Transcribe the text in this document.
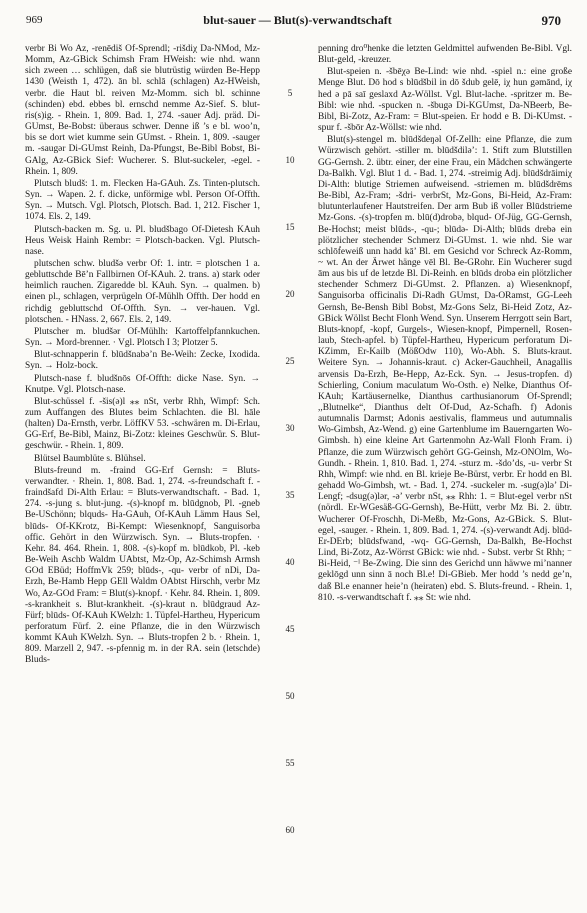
969	blut-sauer — Blut(s)-verwandtschaft	970

verbr Bi Wo Az, -renēdiš Of-Sprendl; -rišdi̇χ Da-NMod, Mz-Momm, Az-GBick Schimsh Fram HWeish: wie nhd. wann sich zween … schlügen, daß sie blutrüstig würden Be-Hepp 1430 (Weisth 1, 472). ān bl. schlā (schlagen) Az-HWeish, verbr. die Haut bl. reiven Mz-Momm. sich bl. schinne (schinden) ebd. ebbes bl. ernschd nemme Az-Sief. S. blut-ris(s)ig. - Rhein. 1, 809. Bad. 1, 274. -sauer Adj. präd. Di-GUmst, Be-Bobst: überaus schwer. Denne iß ’s e bl. woo’n, bis se dort wiet kumme sein GUmst. - Rhein. 1, 809. -sauger m. -saugər Di-GUmst Reinh, Da-Pfungst, Be-Bibl Bobst, Bi-GAlg, Az-GBick Sief: Wucherer. S. Blut-suckeler, -egel. - Rhein. 1, 809.

Plutsch bludš: 1. m. Flecken Ha-GAuh. Zs. Tinten-plutsch. Syn. → Wapen. 2. f. dicke, unförmige wbl. Person Of-Offth. Syn. → Mutsch. Vgl. Plotsch, Plotsch. Bad. 1, 212. Fischer 1, 1074. Els. 2, 149.

Plutsch-backen m. Sg. u. Pl. bludšbago Of-Dietesh KAuh Heus Weisk Hainh Rembr: = Plotsch-backen. Vgl. Plutsch-nase.

plutschen schw. bludšə verbr Of: 1. intr. = plotschen 1 a. gebluttschde Bē’n Fallbirnen Of-KAuh. 2. trans. a) stark oder heimlich rauchen. Zigaredde bl. KAuh. Syn. → qualmen. b) einen pl., schlagen, verprügeln Of-Mühlh Offth. Der hodd en richdig gebluttschd Of-Offth. Syn. → ver-hauen. Vgl. plotschen. - HNass. 2, 667. Els. 2, 149.

Plutscher m. bludšər Of-Mühlh: Kartoffelpfannkuchen. Syn. → Mord-brenner. · Vgl. Plotsch I 3; Plotzer 5.

Blut-schnapperin f. blūdšnabə’n Be-Weih: Zecke, Ixodida. Syn. → Holz-bock.

Plutsch-nase f. bludšnōs Of-Offth: dicke Nase. Syn. → Knutpe. Vgl. Plotsch-nase.

Blut-schüssel f. -šis(ə)l ⁎⁎ nSt, verbr Rhh, Wimpf: Sch. zum Auffangen des Blutes beim Schlachten. die Bl. hāle (halten) Da-Ernsth, verbr. LöffKV 53. -schwären m. Di-Erlau, GG-Erf, Be-Bibl, Mainz, Bi-Zotz: kleines Geschwür. S. Blut-geschwür. - Rhein. 1, 809.

Blütsel Baumblüte s. Blühsel.

Bluts-freund m. -fraind GG-Erf Gernsh: = Bluts-verwandter. · Rhein. 1, 808. Bad. 1, 274. -s-freundschaft f. -fraindšafd Di-Alth Erlau: = Bluts-verwandtschaft. - Bad. 1, 274. -s-jung s. blut-jung. -(s)-knopf m. blūdgnob, Pl. -gneb Be-USchönn; blquds- Ha-GAuh, Of-KAuh Lämm Haus Sel, blūds- Of-KKrotz, Bi-Kempt: Wiesenknopf, Sanguisorba offic. Gehört in den Würzwisch. Syn. → Bluts-tropfen. · Kehr. 84. 464. Rhein. 1, 808. -(s)-kopf m. blūdkob, Pl. -keb Be-Weih Aschb Waldm UAbtst, Mz-Op, Az-Schimsh Armsh GOd EBüd; HoffmVk 259; blūds-, -qu- verbr of nDi, Da-Erzh, Be-Hamb Hepp GEll Waldm OAbtst Hirschh, verbr Mz Wo, Az-GOd Fram: = Blut(s)-knopf. · Kehr. 84. Rhein. 1, 809. -s-krankheit s. Blut-krankheit. -(s)-kraut n. blūdgraud Az-Fürf; blūds- Of-KAuh KWelzh: 1. Tüpfel-Hartheu, Hypericum perforatum Fürf. 2. eine Pflanze, die in den Würzwisch kommt KAuh KWelzh. Syn. → Bluts-tropfen 2 b. · Rhein. 1, 809. Marzell 2, 947. -s-pfennig m. in der RA. sein (letschde) Bluds-

5
10
15
20
25
30
35
40
45
50
55
60

penning dro⁰henke die letzten Geldmittel aufwenden Be-Bibl. Vgl. Blut-geld, -kreuzer.

Blut-speien n. -šbēχə Be-Lind: wie nhd. -spiel n.: eine große Menge Blut. Dō hod s blūdšbil in dō šdub gelē, iχ hun gəmānd, iχ hed ə pā saī geslaxd Az-Wöllst. Vgl. Blut-lache. -spritzer m. Be-Bibl: wie nhd. -spucken n. -šbugə Di-KGUmst, Da-NBeerb, Be-Bibl, Bi-Zotz, Az-Fram: = Blut-speien. Er hodd e B. Di-KUmst. -spur f. -šbōr Az-Wöllst: wie nhd.

Blut(s)-stengel m. blūdšdeŋəl Of-Zellh: eine Pflanze, die zum Würzwisch gehört. -stiller m. blūdšdilə’: 1. Stift zum Blutstillen GG-Gernsh. 2. übtr. einer, der eine Frau, ein Mädchen schwängerte Da-Balkh. Vgl. Blut 1 d. - Bad. 1, 274. -streimig Adj. blūdšdrāimiχ Di-Alth: blutige Striemen aufweisend. -striemen m. blūdšdrēms Be-Bibl, Az-Fram; -šdri- verbrSt, Mz-Gons, Bi-Heid, Az-Fram: blutunterlaufener Hautstreifen. Der arm Bub iß voller Blūdstrieme Mz-Gons. -(s)-tropfen m. blū(d)drobə, blqud- Of-Jüg, GG-Gernsh, Be-Hochst; meist blūds-, -qu-; blūdə- Di-Alth; blūds drebə ein plötzlicher stechender Schmerz Di-GUmst. 1. wie nhd. Sie war schlōḟeweiß unn hadd kā’ Bl. em Gesichd vor Schreck Az-Romm, ~ wt. An der Ärwet hänge vēl Bl. Be-GRohr. Ein Wucherer sugd ām aus bis uf de letzde Bl. Di-Reinh. en blūds drobə ein plötzlicher stechender Schmerz Di-GUmst. 2. Pflanzen. a) Wiesenknopf, Sanguisorba officinalis Di-Radh GUmst, Da-ORamst, GG-Leeh Gernsh, Be-Bensh Bibl Bobst, Mz-Gons Selz, Bi-Heid Zotz, Az-GBick Wöllst Becht Flonh Wend. Syn. Unserem Herrgott sein Bart, Bluts-knopf, -kopf, Gurgels-, Wiesen-knopf, Pimpernell, Rosen-laub, Stech-apfel. b) Tüpfel-Hartheu, Hypericum perforatum Di-KZimm, Er-Kailb (MößOdw 110), Wo-Abh. S. Bluts-kraut. Weitere Syn. → Johannis-kraut. c) Acker-Gauchheil, Anagallis arvensis Da-Erzh, Be-Hepp, Az-Eck. Syn. → Jesus-tropfen. d) Schierling, Conium maculatum Wo-Osth. e) Nelke, Dianthus Of-KAuh; Kartäusernelke, Dianthus carthusianorum Of-Sprendl; ,,Blutnelke“, Dianthus delt Of-Dud, Az-Schafh. f) Adonis autumnalis Darmst; Adonis aestivalis, flammeus und autumnalis Wo-Gimbsh, Az-Wend. g) eine Gartenblume im Bauerngarten Wo-Gimbsh. h) eine kleine Art Gartenmohn Az-Wall Flonh Fram. i) Pflanze, die zum Würzwisch gehört GG-Geinsh, Mz-ONOlm, Wo-Gundh. - Rhein. 1, 810. Bad. 1, 274. -sturz m. -šdo’ds, -u- verbr St Rhh, Wimpf: wie nhd. en Bl. krieje Be-Bürst, verbr. Er hodd en Bl. gehadd Wo-Gimbsh, wt. - Bad. 1, 274. -suckeler m. -sug(ə)lə’ Di-Lengf; -dsug(ə)lər, -ə’ verbr nSt, ⁎⁎ Rhh: 1. = Blut-egel verbr nSt (nördl. Er-WGesäß-GG-Gernsh), Be-Hütt, verbr Mz Bi. 2. übtr. Wucherer Of-Froschh, Di-Meßb, Mz-Gons, Az-GBick. S. Blut-egel, -sauger. - Rhein. 1, 809. Bad. 1, 274. -(s)-verwandt Adj. blūd- Er-DErb; blūdsfwand, -wq- GG-Gernsh, Da-Balkh, Be-Hochst Lind, Bi-Zotz, Az-Wörrst GBick: wie nhd. - Subst. verbr St Rhh; ⁻ Bi-Heid, ⁻ᴵ Be-Zwing. Die sinn des Gerichd unn häwwe mi’nanner geklōgd unn sinn ā noch Bl.e! Di-GBieb. Mer hodd ’s nedd ge’n, daß Bl.e enanner heie’n (heiraten) ebd. S. Bluts-freund. - Rhein. 1, 810. -s-verwandtschaft f. ⁎⁎ St: wie nhd.
